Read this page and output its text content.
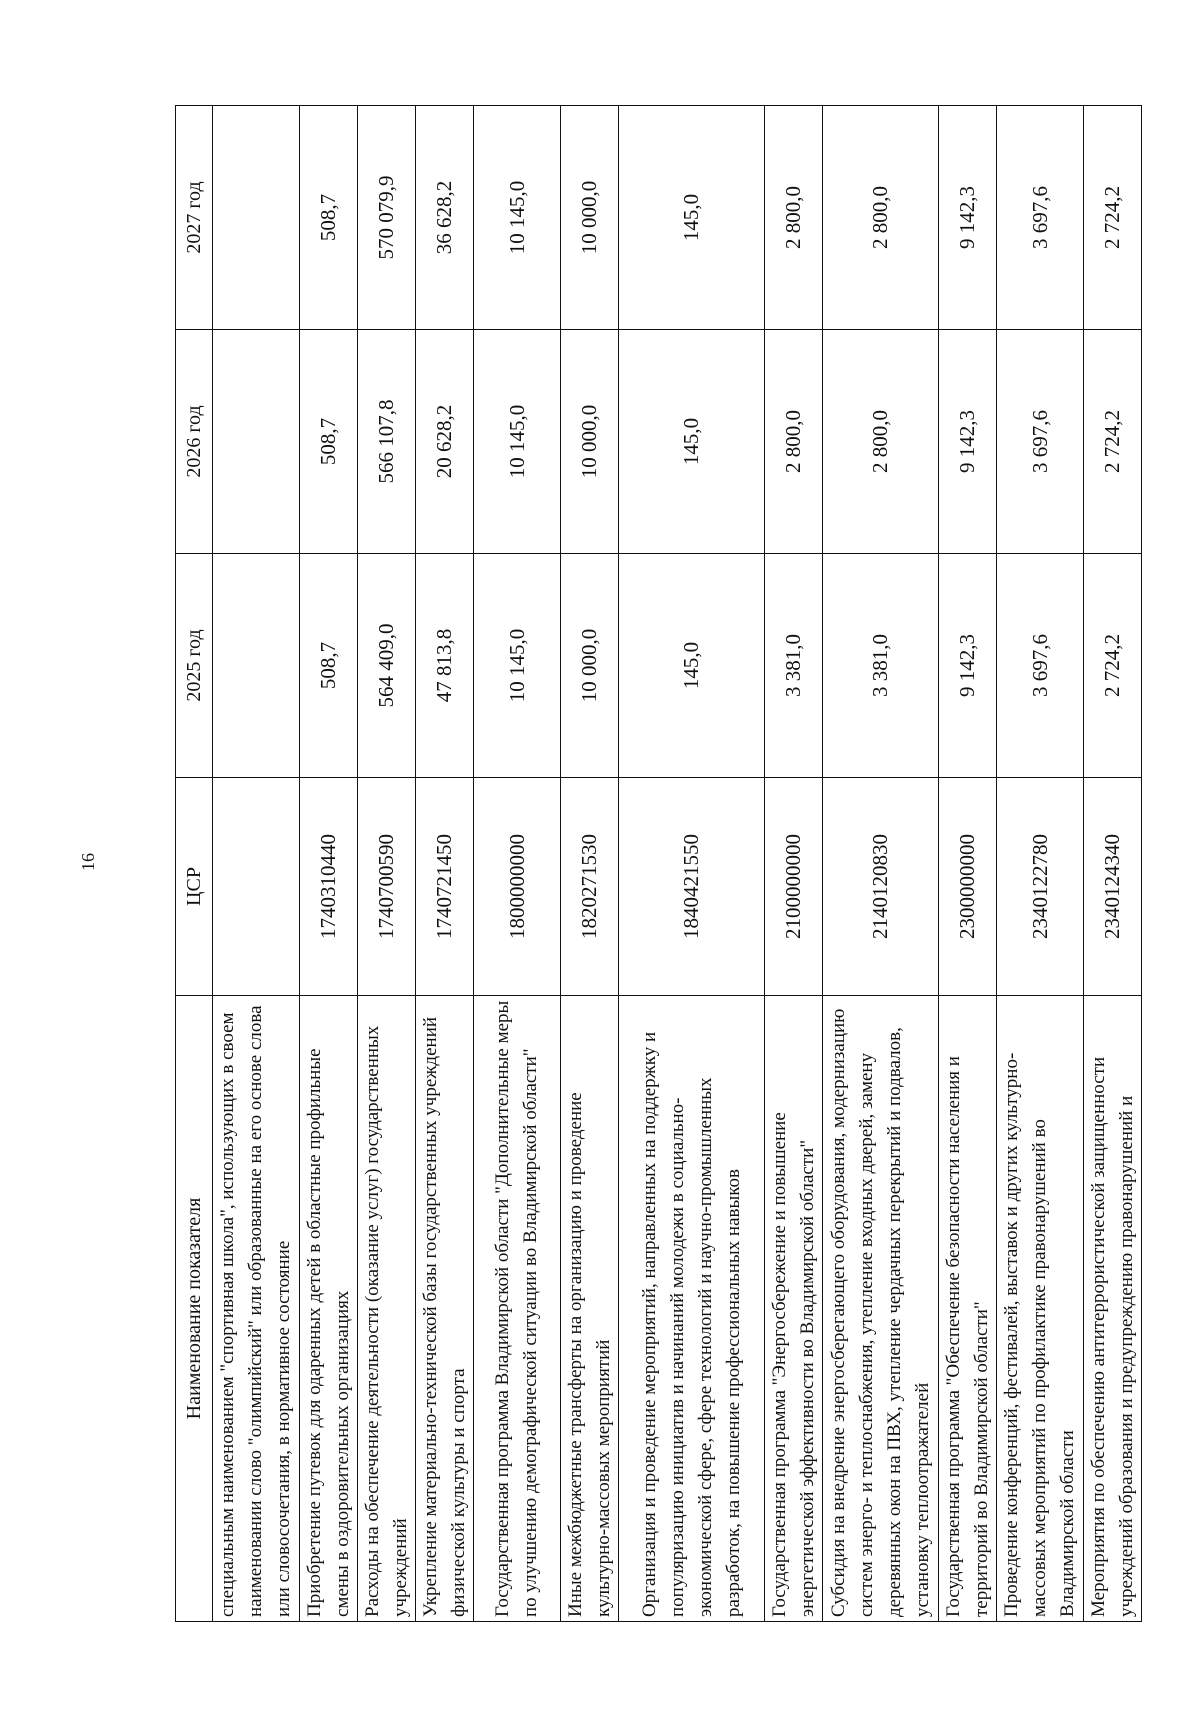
16
Наименование показателя	ЦСР	2025 год	2026 год	2027 год
специальным наименованием "спортивная школа", использующих в своем наименовании слово "олимпийский" или образованные на его основе слова или словосочетания, в нормативное состояние				
Приобретение путевок для одаренных детей в областные профильные смены в оздоровительных организациях	1740310440	508,7	508,7	508,7
Расходы на обеспечение деятельности (оказание услуг) государственных учреждений	1740700590	564 409,0	566 107,8	570 079,9
Укрепление материально-технической базы государственных учреждений физической культуры и спорта	1740721450	47 813,8	20 628,2	36 628,2
Государственная программа Владимирской области "Дополнительные меры по улучшению демографической ситуации во Владимирской области"	1800000000	10 145,0	10 145,0	10 145,0
Иные межбюджетные трансферты на организацию и проведение культурно-массовых мероприятий	1820271530	10 000,0	10 000,0	10 000,0
Организация и проведение мероприятий, направленных на поддержку и популяризацию инициатив и начинаний молодежи в социально-экономической сфере, сфере технологий и научно-промышленных разработок, на повышение профессиональных навыков	1840421550	145,0	145,0	145,0
Государственная программа "Энергосбережение и повышение энергетической эффективности во Владимирской области"	2100000000	3 381,0	2 800,0	2 800,0
Субсидия на внедрение энергосберегающего оборудования, модернизацию систем энерго- и теплоснабжения, утепление входных дверей, замену деревянных окон на ПВХ, утепление чердачных перекрытий и подвалов, установку теплоотражателей	2140120830	3 381,0	2 800,0	2 800,0
Государственная программа "Обеспечение безопасности населения и территорий во Владимирской области"	2300000000	9 142,3	9 142,3	9 142,3
Проведение конференций, фестивалей, выставок и других культурно-массовых мероприятий по профилактике правонарушений во Владимирской области	2340122780	3 697,6	3 697,6	3 697,6
Мероприятия по обеспечению антитеррористической защищенности учреждений образования и предупреждению правонарушений и	2340124340	2 724,2	2 724,2	2 724,2
